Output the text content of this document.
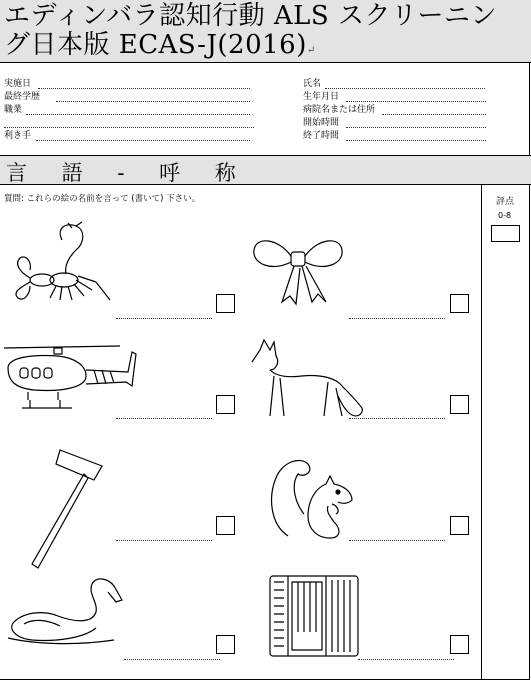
エディンバラ認知行動 ALS スクリーニン
グ日本版 ECAS-J(2016)↵
実施日
最終学歴
職業
利き手
氏名
生年月日
病院名または住所
開始時間
終了時間
言 語 - 呼 称
質問: これらの絵の名前を言って (書いて) 下さい。	評点
0-8
